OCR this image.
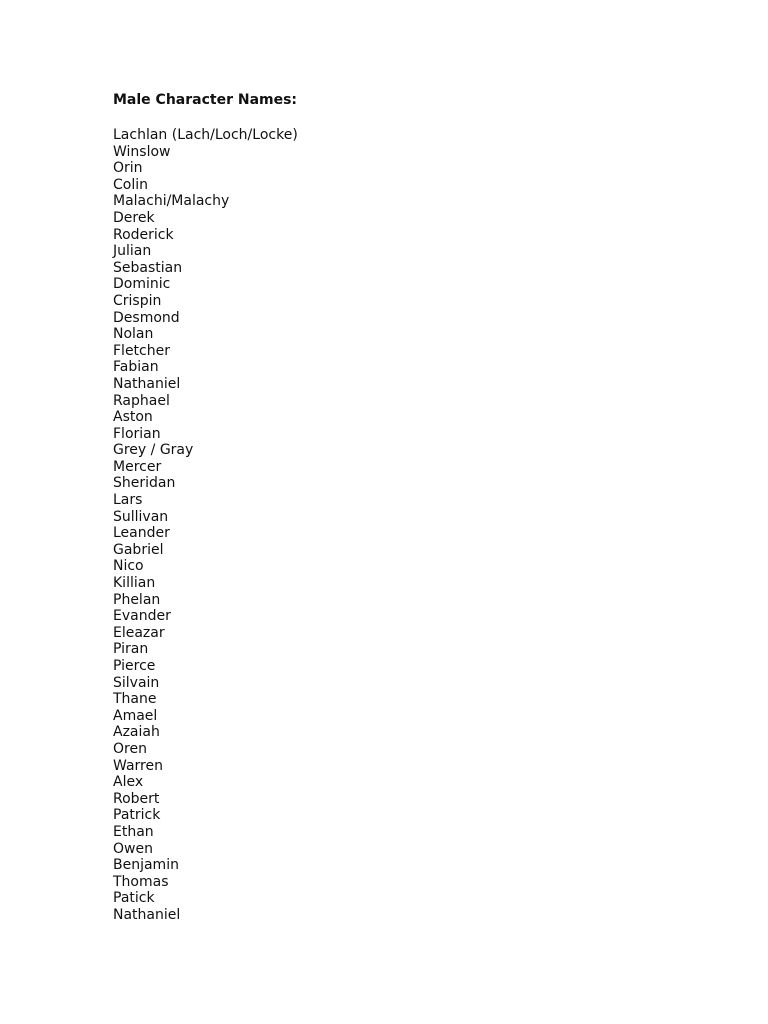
Male Character Names:
Lachlan (Lach/Loch/Locke)
Winslow
Orin
Colin
Malachi/Malachy
Derek
Roderick
Julian
Sebastian
Dominic
Crispin
Desmond
Nolan
Fletcher
Fabian
Nathaniel
Raphael
Aston
Florian
Grey / Gray
Mercer
Sheridan
Lars
Sullivan
Leander
Gabriel
Nico
Killian
Phelan
Evander
Eleazar
Piran
Pierce
Silvain
Thane
Amael
Azaiah
Oren
Warren
Alex
Robert
Patrick
Ethan
Owen
Benjamin
Thomas
Patick
Nathaniel
